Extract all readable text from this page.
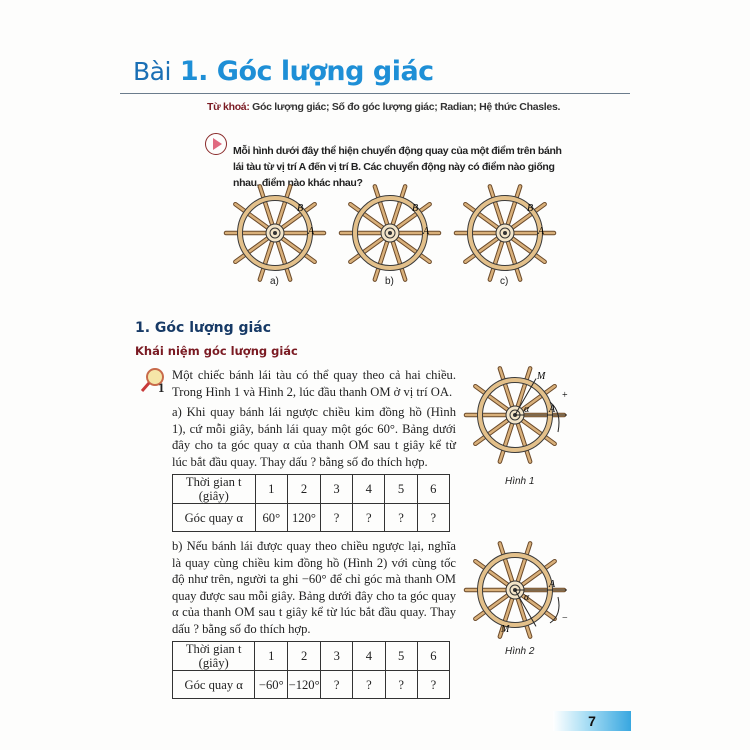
Bài 1. Góc lượng giác
Từ khoá: Góc lượng giác; Số đo góc lượng giác; Radian; Hệ thức Chasles.
Mỗi hình dưới đây thể hiện chuyển động quay của một điểm trên bánh lái tàu từ vị trí A đến vị trí B. Các chuyển động này có điểm nào giống nhau, điểm nào khác nhau?
A
B
A
B
A
B
a)	b)	c)
1. Góc lượng giác
Khái niệm góc lượng giác
1
Một chiếc bánh lái tàu có thể quay theo cả hai chiều. Trong Hình 1 và Hình 2, lúc đầu thanh OM ở vị trí OA.
a) Khi quay bánh lái ngược chiều kim đồng hồ (Hình 1), cứ mỗi giây, bánh lái quay một góc 60°. Bảng dưới đây cho ta góc quay α của thanh OM sau t giây kể từ lúc bắt đầu quay. Thay dấu ? bằng số đo thích hợp.
Thời gian t (giây)	1	2	3	4	5	6
Góc quay α	60°	120°	?	?	?	?
b) Nếu bánh lái được quay theo chiều ngược lại, nghĩa là quay cùng chiều kim đồng hồ (Hình 2) với cùng tốc độ như trên, người ta ghi −60° để chỉ góc mà thanh OM quay được sau mỗi giây. Bảng dưới đây cho ta góc quay α của thanh OM sau t giây kể từ lúc bắt đầu quay. Thay dấu ? bằng số đo thích hợp.
Thời gian t (giây)	1	2	3	4	5	6
Góc quay α	−60°	−120°	?	?	?	?
A
M
α
+
Hình 1
A
M
α
−
Hình 2
7
